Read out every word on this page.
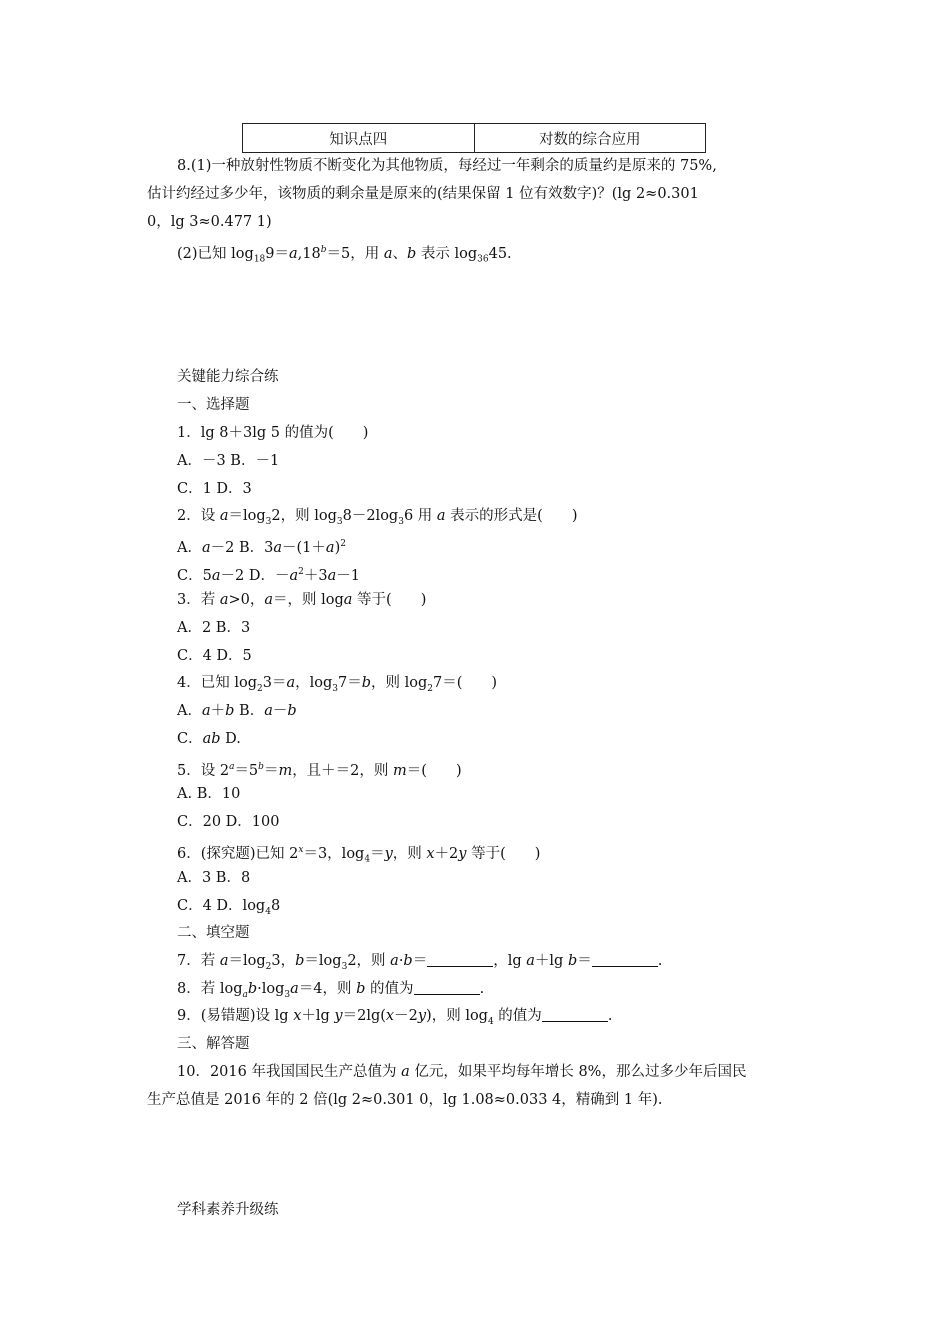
知识点四	对数的综合应用
8.(1)一种放射性物质不断变化为其他物质，每经过一年剩余的质量约是原来的 75%,
估计约经过多少年，该物质的剩余量是原来的(结果保留 1 位有效数字)？(lg 2≈0.301
0，lg 3≈0.477 1)
(2)已知 $\log_{18}9=a,18^b=5$，用 a、b 表示 $\log_{36}45$.
关键能力综合练
一、选择题
1．lg 8＋3lg 5 的值为(　　)
A．－3 B．－1
C．1 D．3
2．设 $a=\log_32$，则 $\log_38-2\log_36$ 用 a 表示的形式是(　　)
A．a－2 B．$3a-(1+a)^2$
C．5a－2 D．$-a^2+3a-1$
3．若 a>0，a＝，则 loga 等于(　　)
A．2 B．3
C．4 D．5
4．已知 $\log_23=a$，$\log_37=b$，则 $\log_27=$(　　)
A．a＋b B．a－b
C．ab D.
5．设 $2^a=5^b=m$，且＋＝2，则 m＝(　　)
A. B．10
C．20 D．100
6．(探究题)已知 $2^x=3$，$\log_4=y$，则 x＋2y 等于(　　)
A．3 B．8
C．4 D．$\log_48$
二、填空题
7．若 $a=\log_23$，$b=\log_32$，则 a·b＝	，lg a＋lg b＝	.
8．若 $\log_ab\cdot\log_3a=4$，则 b 的值为	.
9．(易错题)设 lg x＋lg y＝2lg(x－2y)，则 $\log_4$ 的值为	.
三、解答题
10．2016 年我国国民生产总值为 a 亿元，如果平均每年增长 8%，那么过多少年后国民
生产总值是 2016 年的 2 倍(lg 2≈0.301 0，lg 1.08≈0.033 4，精确到 1 年).
学科素养升级练
